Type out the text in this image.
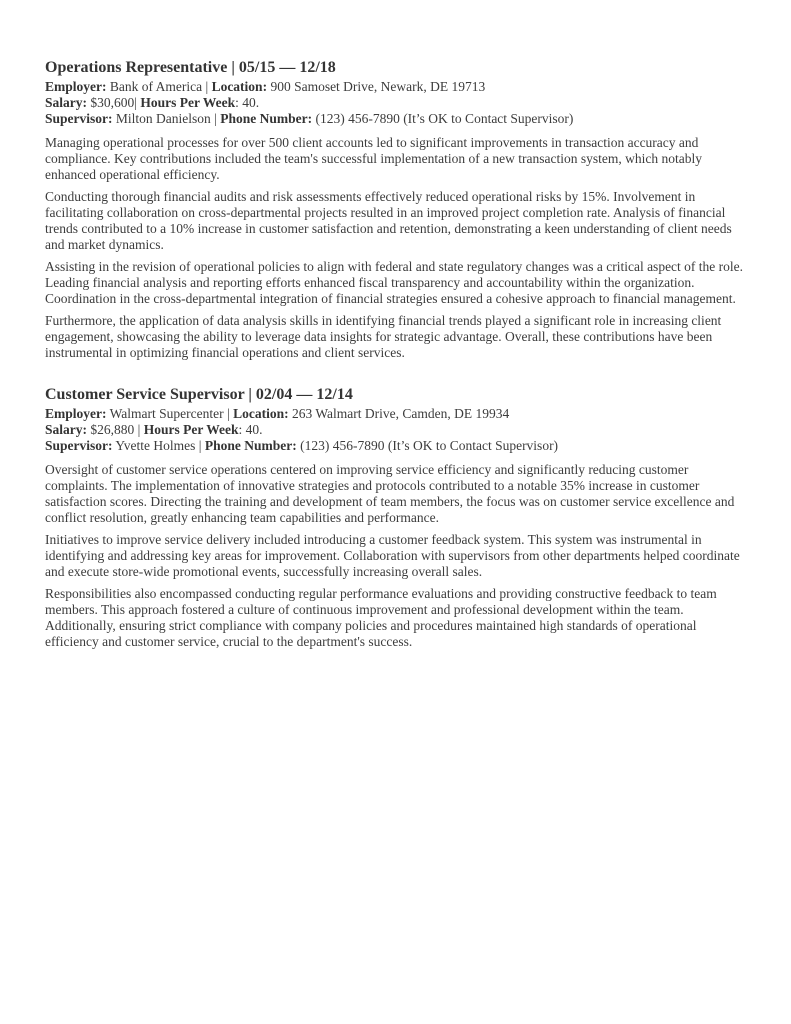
Operations Representative | 05/15 — 12/18

Employer: Bank of America | Location: 900 Samoset Drive, Newark, DE 19713

Salary: $30,600| Hours Per Week: 40.

Supervisor: Milton Danielson | Phone Number: (123) 456-7890 (It’s OK to Contact Supervisor)

Managing operational processes for over 500 client accounts led to significant improvements in transaction accuracy and compliance. Key contributions included the team's successful implementation of a new transaction system, which notably enhanced operational efficiency.

Conducting thorough financial audits and risk assessments effectively reduced operational risks by 15%. Involvement in facilitating collaboration on cross-departmental projects resulted in an improved project completion rate. Analysis of financial trends contributed to a 10% increase in customer satisfaction and retention, demonstrating a keen understanding of client needs and market dynamics.

Assisting in the revision of operational policies to align with federal and state regulatory changes was a critical aspect of the role. Leading financial analysis and reporting efforts enhanced fiscal transparency and accountability within the organization. Coordination in the cross-departmental integration of financial strategies ensured a cohesive approach to financial management.

Furthermore, the application of data analysis skills in identifying financial trends played a significant role in increasing client engagement, showcasing the ability to leverage data insights for strategic advantage. Overall, these contributions have been instrumental in optimizing financial operations and client services.

Customer Service Supervisor | 02/04 — 12/14

Employer: Walmart Supercenter | Location: 263 Walmart Drive, Camden, DE 19934

Salary: $26,880 | Hours Per Week: 40.

Supervisor: Yvette Holmes | Phone Number: (123) 456-7890 (It’s OK to Contact Supervisor)

Oversight of customer service operations centered on improving service efficiency and significantly reducing customer complaints. The implementation of innovative strategies and protocols contributed to a notable 35% increase in customer satisfaction scores. Directing the training and development of team members, the focus was on customer service excellence and conflict resolution, greatly enhancing team capabilities and performance.

Initiatives to improve service delivery included introducing a customer feedback system. This system was instrumental in identifying and addressing key areas for improvement. Collaboration with supervisors from other departments helped coordinate and execute store-wide promotional events, successfully increasing overall sales.

Responsibilities also encompassed conducting regular performance evaluations and providing constructive feedback to team members. This approach fostered a culture of continuous improvement and professional development within the team. Additionally, ensuring strict compliance with company policies and procedures maintained high standards of operational efficiency and customer service, crucial to the department's success.
